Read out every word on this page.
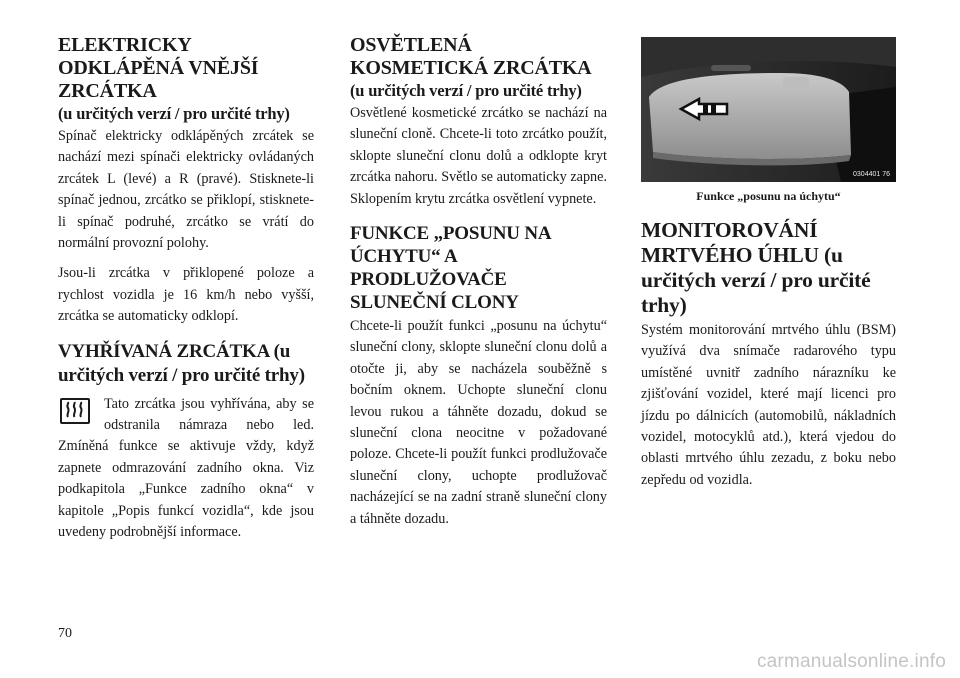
ELEKTRICKY ODKLÁPĚNÁ VNĚJŠÍ ZRCÁTKA
(u určitých verzí / pro určité trhy)

Spínač elektricky odklápěných zrcátek se nachází mezi spínači elektricky ovládaných zrcátek L (levé) a R (pravé). Stisknete-li spínač jednou, zrcátko se přiklopí, stisknete-li spínač podruhé, zrcátko se vrátí do normální provozní polohy.

Jsou-li zrcátka v přiklopené poloze a rychlost vozidla je 16 km/h nebo vyšší, zrcátka se automaticky odklopí.

VYHŘÍVANÁ ZRCÁTKA (u určitých verzí / pro určité trhy)

Tato zrcátka jsou vyhřívána, aby se odstranila námraza nebo led. Zmíněná funkce se aktivuje vždy, když zapnete odmrazování zadního okna. Viz podkapitola „Funkce zadního okna“ v kapitole „Popis funkcí vozidla“, kde jsou uvedeny podrobnější informace.

OSVĚTLENÁ KOSMETICKÁ ZRCÁTKA
(u určitých verzí / pro určité trhy)

Osvětlené kosmetické zrcátko se nachází na sluneční cloně. Chcete-li toto zrcátko použít, sklopte sluneční clonu dolů a odklopte kryt zrcátka nahoru. Světlo se automaticky zapne. Sklopením krytu zrcátka osvětlení vypnete.

FUNKCE „POSUNU NA ÚCHYTU“ A PRODLUŽOVAČE SLUNEČNÍ CLONY

Chcete-li použít funkci „posunu na úchytu“ sluneční clony, sklopte sluneční clonu dolů a otočte ji, aby se nacházela souběžně s bočním oknem. Uchopte sluneční clonu levou rukou a táhněte dozadu, dokud se sluneční clona neocitne v požadované poloze. Chcete-li použít funkci prodlužovače sluneční clony, uchopte prodlužovač nacházející se na zadní straně sluneční clony a táhněte dozadu.

0304401 76
Funkce „posunu na úchytu“
MONITOROVÁNÍ MRTVÉHO ÚHLU (u určitých verzí / pro určité trhy)

Systém monitorování mrtvého úhlu (BSM) využívá dva snímače radarového typu umístěné uvnitř zadního nárazníku ke zjišťování vozidel, které mají licenci pro jízdu po dálnicích (automobilů, nákladních vozidel, motocyklů atd.), která vjedou do oblasti mrtvého úhlu zezadu, z boku nebo zepředu od vozidla.

70
carmanualsonline.info
